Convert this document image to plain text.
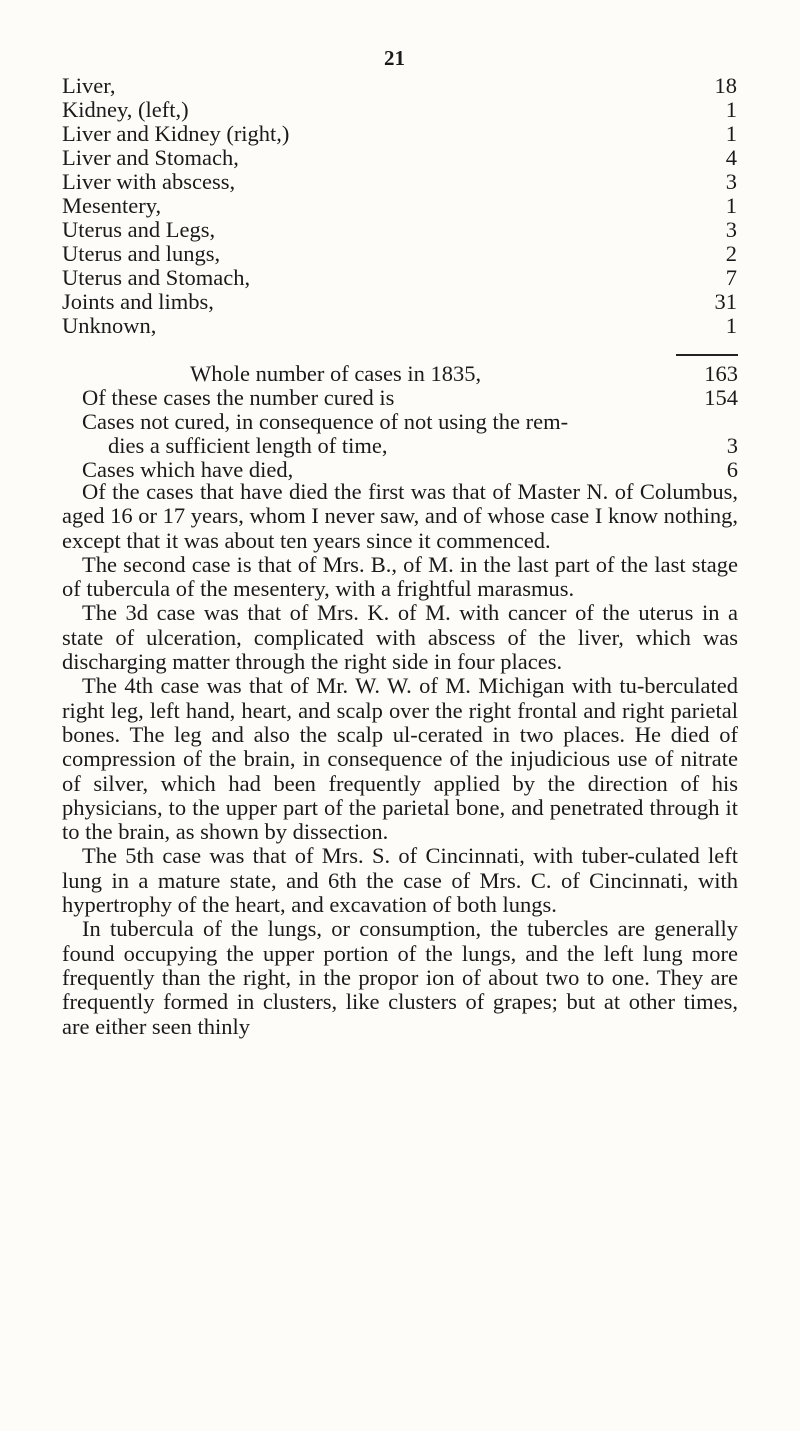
21
Liver,	18
Kidney, (left,)	1
Liver and Kidney (right,)	1
Liver and Stomach,	4
Liver with abscess,	3
Mesentery,	1
Uterus and Legs,	3
Uterus and lungs,	2
Uterus and Stomach,	7
Joints and limbs,	31
Unknown,	1
Whole number of cases in 1835,	163
Of these cases the number cured is	154
Cases not cured, in consequence of not using the rem-
dies a sufficient length of time,	3
Cases which have died,	6

Of the cases that have died the first was that of Master N. of Columbus, aged 16 or 17 years, whom I never saw, and of whose case I know nothing, except that it was about ten years since it commenced.

The second case is that of Mrs. B., of M. in the last part of the last stage of tubercula of the mesentery, with a frightful marasmus.

The 3d case was that of Mrs. K. of M. with cancer of the uterus in a state of ulceration, complicated with abscess of the liver, which was discharging matter through the right side in four places.

The 4th case was that of Mr. W. W. of M. Michigan with tu-berculated right leg, left hand, heart, and scalp over the right frontal and right parietal bones. The leg and also the scalp ul-cerated in two places. He died of compression of the brain, in consequence of the injudicious use of nitrate of silver, which had been frequently applied by the direction of his physicians, to the upper part of the parietal bone, and penetrated through it to the brain, as shown by dissection.

The 5th case was that of Mrs. S. of Cincinnati, with tuber-culated left lung in a mature state, and 6th the case of Mrs. C. of Cincinnati, with hypertrophy of the heart, and excavation of both lungs.

In tubercula of the lungs, or consumption, the tubercles are generally found occupying the upper portion of the lungs, and the left lung more frequently than the right, in the propor ion of about two to one. They are frequently formed in clusters, like clusters of grapes; but at other times, are either seen thinly
